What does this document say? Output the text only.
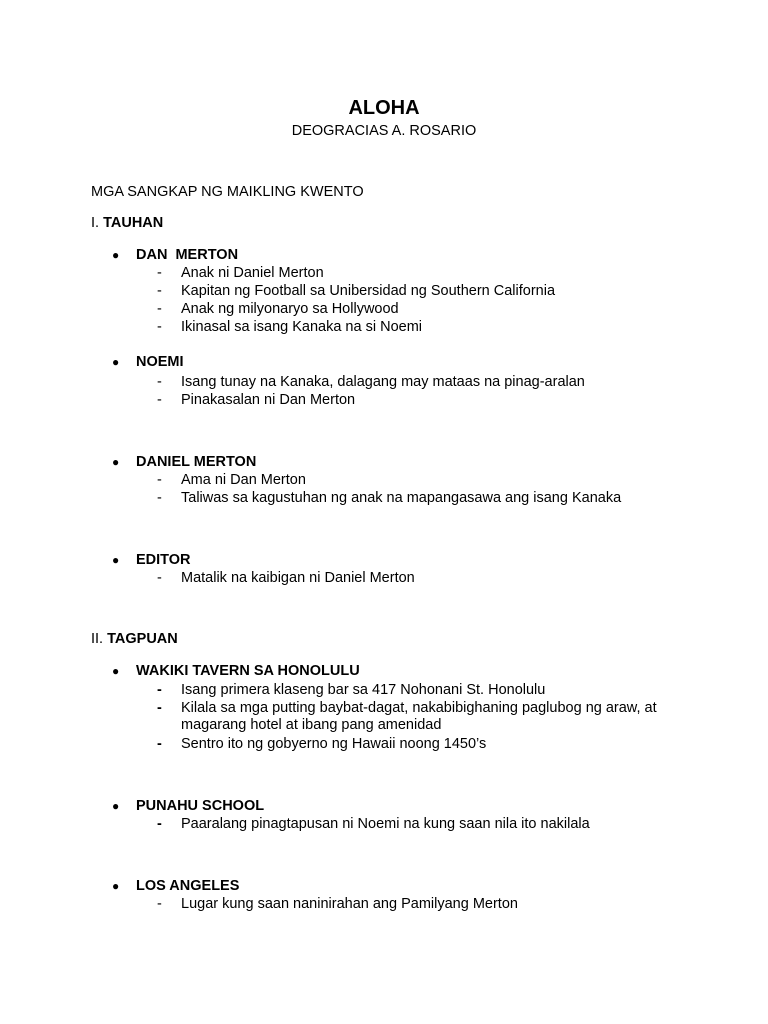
ALOHA
DEOGRACIAS A. ROSARIO
MGA SANGKAP NG MAIKLING KWENTO
I. TAUHAN
● DAN  MERTON
- Anak ni Daniel Merton
- Kapitan ng Football sa Unibersidad ng Southern California
- Anak ng milyonaryo sa Hollywood
- Ikinasal sa isang Kanaka na si Noemi
● NOEMI
- Isang tunay na Kanaka, dalagang may mataas na pinag-aralan
- Pinakasalan ni Dan Merton
● DANIEL MERTON
- Ama ni Dan Merton
- Taliwas sa kagustuhan ng anak na mapangasawa ang isang Kanaka
● EDITOR
- Matalik na kaibigan ni Daniel Merton
II. TAGPUAN
● WAKIKI TAVERN SA HONOLULU
- Isang primera klaseng bar sa 417 Nohonani St. Honolulu
- Kilala sa mga putting baybat-dagat, nakabibighaning paglubog ng araw, at
magarang hotel at ibang pang amenidad
- Sentro ito ng gobyerno ng Hawaii noong 1450’s
● PUNAHU SCHOOL
- Paaralang pinagtapusan ni Noemi na kung saan nila ito nakilala
● LOS ANGELES
- Lugar kung saan naninirahan ang Pamilyang Merton
